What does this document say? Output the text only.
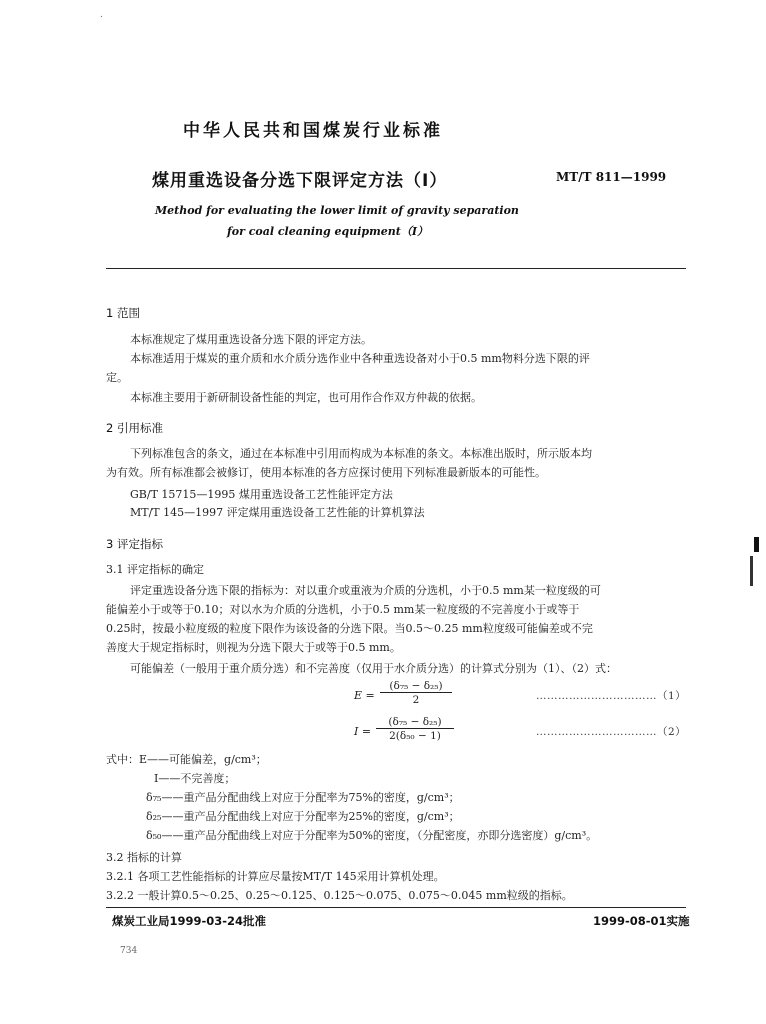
.
中华人民共和国煤炭行业标准
煤用重选设备分选下限评定方法（Ⅰ）	MT/T 811—1999
Method for evaluating the lower limit of gravity separation
for coal cleaning equipment（Ⅰ）
1 范围
本标准规定了煤用重选设备分选下限的评定方法。
本标准适用于煤炭的重介质和水介质分选作业中各种重选设备对小于0.5 mm物料分选下限的评
定。
本标准主要用于新研制设备性能的判定，也可用作合作双方仲裁的依据。
2 引用标准
下列标准包含的条文，通过在本标准中引用而构成为本标准的条文。本标准出版时，所示版本均
为有效。所有标准都会被修订，使用本标准的各方应探讨使用下列标准最新版本的可能性。
GB/T 15715—1995 煤用重选设备工艺性能评定方法
MT/T 145—1997 评定煤用重选设备工艺性能的计算机算法
3 评定指标
3.1 评定指标的确定
评定重选设备分选下限的指标为：对以重介或重液为介质的分选机，小于0.5 mm某一粒度级的可
能偏差小于或等于0.10；对以水为介质的分选机，小于0.5 mm某一粒度级的不完善度小于或等于
0.25时，按最小粒度级的粒度下限作为该设备的分选下限。当0.5～0.25 mm粒度级可能偏差或不完
善度大于规定指标时，则视为分选下限大于或等于0.5 mm。
可能偏差（一般用于重介质分选）和不完善度（仅用于水介质分选）的计算式分别为（1）、（2）式：
$E = \frac{\text{(δ₇₅ − δ₂₅)}}{2}$	……………………………（1）
$I = \frac{\text{(δ₇₅ − δ₂₅)}}{\text{2(δ₅₀ − 1)}}$	……………………………（2）
式中：E——可能偏差，g/cm³；
I——不完善度；
δ₇₅——重产品分配曲线上对应于分配率为75%的密度，g/cm³；
δ₂₅——重产品分配曲线上对应于分配率为25%的密度，g/cm³；
δ₅₀——重产品分配曲线上对应于分配率为50%的密度，（分配密度，亦即分选密度）g/cm³。
3.2 指标的计算
3.2.1 各项工艺性能指标的计算应尽量按MT/T 145采用计算机处理。
3.2.2 一般计算0.5～0.25、0.25～0.125、0.125～0.075、0.075～0.045 mm粒级的指标。
煤炭工业局1999-03-24批准	1999-08-01实施
734
